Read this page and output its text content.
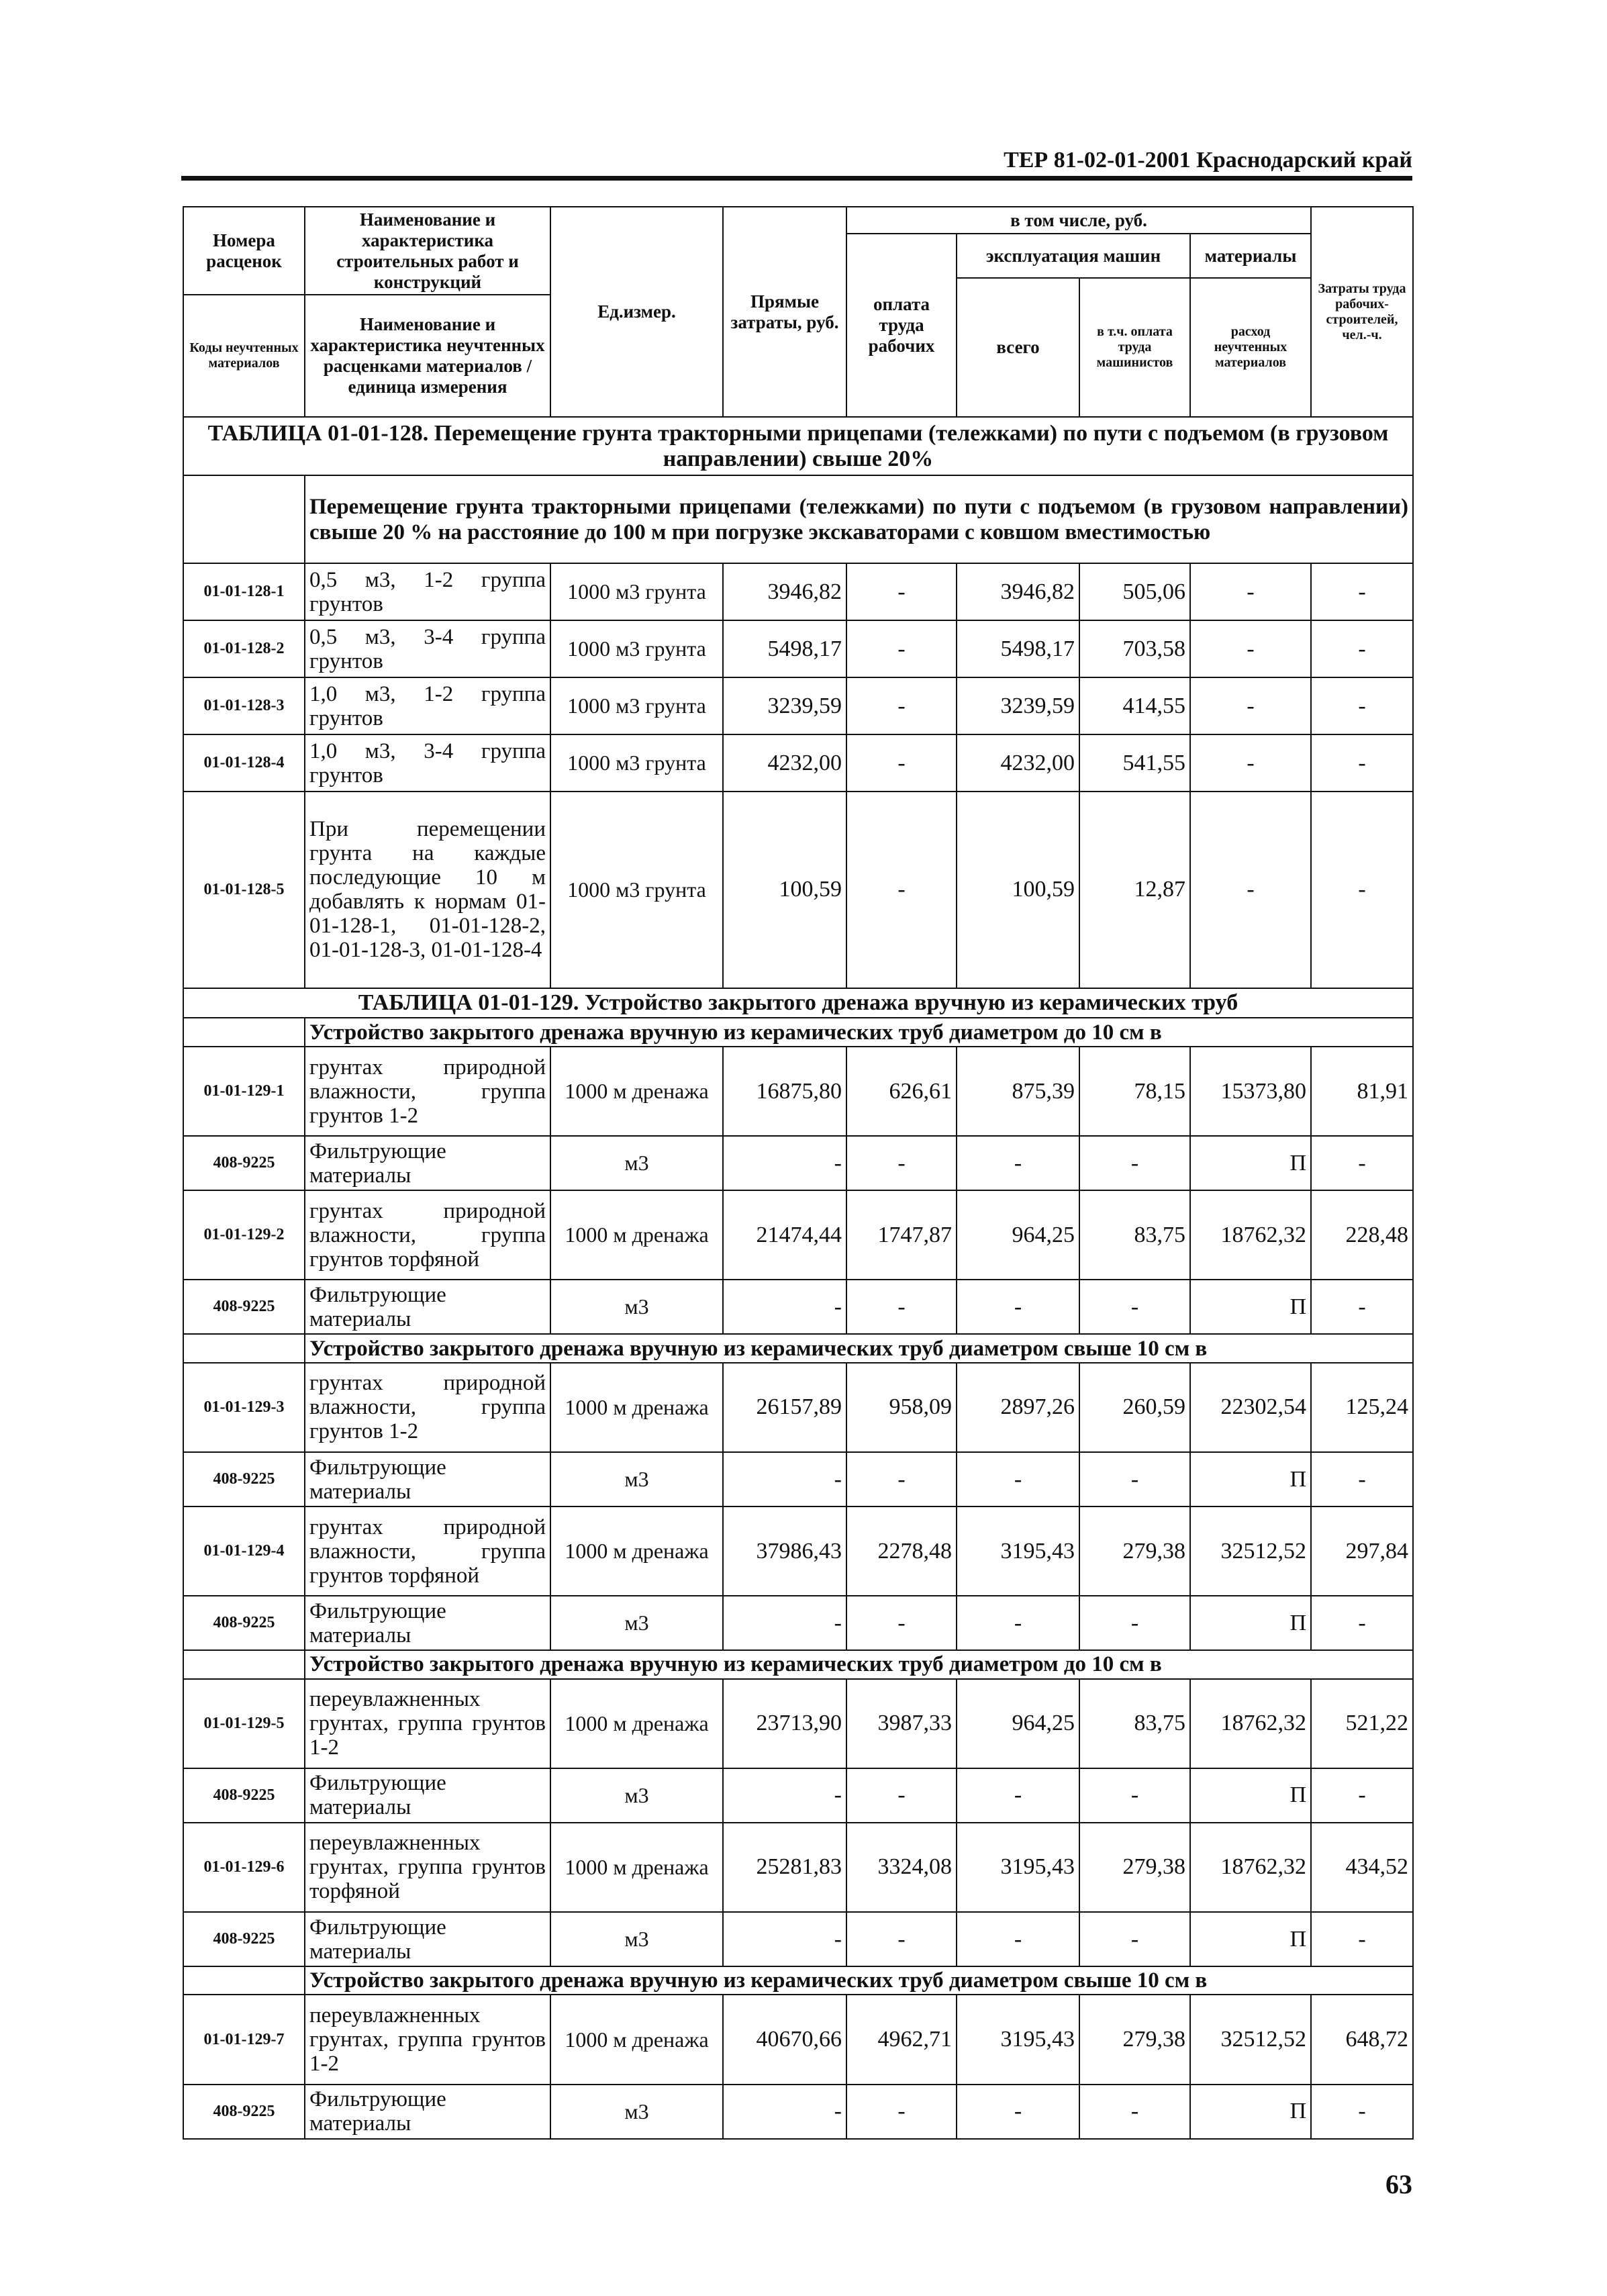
ТЕР 81-02-01-2001 Краснодарский край
Номера расценок	Наименование и характеристика строительных работ и конструкций	Ед.измер.	Прямые затраты, руб.	в том числе, руб.				Затраты труда рабочих-строителей, чел.-ч.
				оплата труда рабочих	эксплуатация машин		материалы	
					всего	в т.ч. оплата труда машинистов	расход неучтенных материалов	
Коды неучтенных материалов	Наименование и характеристика неучтенных расценками материалов / единица измерения							

ТАБЛИЦА 01-01-128. Перемещение грунта тракторными прицепами (тележками) по пути с подъемом (в грузовом направлении) свыше 20%								
	Перемещение грунта тракторными прицепами (тележками) по пути с подъемом (в грузовом направлении) свыше 20 % на расстояние до 100 м при погрузке экскаваторами с ковшом вместимостью							
01-01-128-1	0,5 м3, 1-2 группа грунтов	1000 м3 грунта	3946,82	-	3946,82	505,06	-	-
01-01-128-2	0,5 м3, 3-4 группа грунтов	1000 м3 грунта	5498,17	-	5498,17	703,58	-	-
01-01-128-3	1,0 м3, 1-2 группа грунтов	1000 м3 грунта	3239,59	-	3239,59	414,55	-	-
01-01-128-4	1,0 м3, 3-4 группа грунтов	1000 м3 грунта	4232,00	-	4232,00	541,55	-	-
01-01-128-5	При перемещении грунта на каждые последующие 10 м добавлять к нормам 01-01-128-1, 01-01-128-2, 01-01-128-3, 01-01-128-4	1000 м3 грунта	100,59	-	100,59	12,87	-	-
ТАБЛИЦА 01-01-129. Устройство закрытого дренажа вручную из керамических труб								
	Устройство закрытого дренажа вручную из керамических труб диаметром до 10 см в							
01-01-129-1	грунтах природной влажности, группа грунтов 1-2	1000 м дренажа	16875,80	626,61	875,39	78,15	15373,80	81,91
408-9225	Фильтрующие материалы	м3	-	-	-	-	П	-
01-01-129-2	грунтах природной влажности, группа грунтов торфяной	1000 м дренажа	21474,44	1747,87	964,25	83,75	18762,32	228,48
408-9225	Фильтрующие материалы	м3	-	-	-	-	П	-
	Устройство закрытого дренажа вручную из керамических труб диаметром свыше 10 см в							
01-01-129-3	грунтах природной влажности, группа грунтов 1-2	1000 м дренажа	26157,89	958,09	2897,26	260,59	22302,54	125,24
408-9225	Фильтрующие материалы	м3	-	-	-	-	П	-
01-01-129-4	грунтах природной влажности, группа грунтов торфяной	1000 м дренажа	37986,43	2278,48	3195,43	279,38	32512,52	297,84
408-9225	Фильтрующие материалы	м3	-	-	-	-	П	-
	Устройство закрытого дренажа вручную из керамических труб диаметром до 10 см в							
01-01-129-5	переувлажненных грунтах, группа грунтов 1-2	1000 м дренажа	23713,90	3987,33	964,25	83,75	18762,32	521,22
408-9225	Фильтрующие материалы	м3	-	-	-	-	П	-
01-01-129-6	переувлажненных грунтах, группа грунтов торфяной	1000 м дренажа	25281,83	3324,08	3195,43	279,38	18762,32	434,52
408-9225	Фильтрующие материалы	м3	-	-	-	-	П	-
	Устройство закрытого дренажа вручную из керамических труб диаметром свыше 10 см в							
01-01-129-7	переувлажненных грунтах, группа грунтов 1-2	1000 м дренажа	40670,66	4962,71	3195,43	279,38	32512,52	648,72
408-9225	Фильтрующие материалы	м3	-	-	-	-	П	-
63
